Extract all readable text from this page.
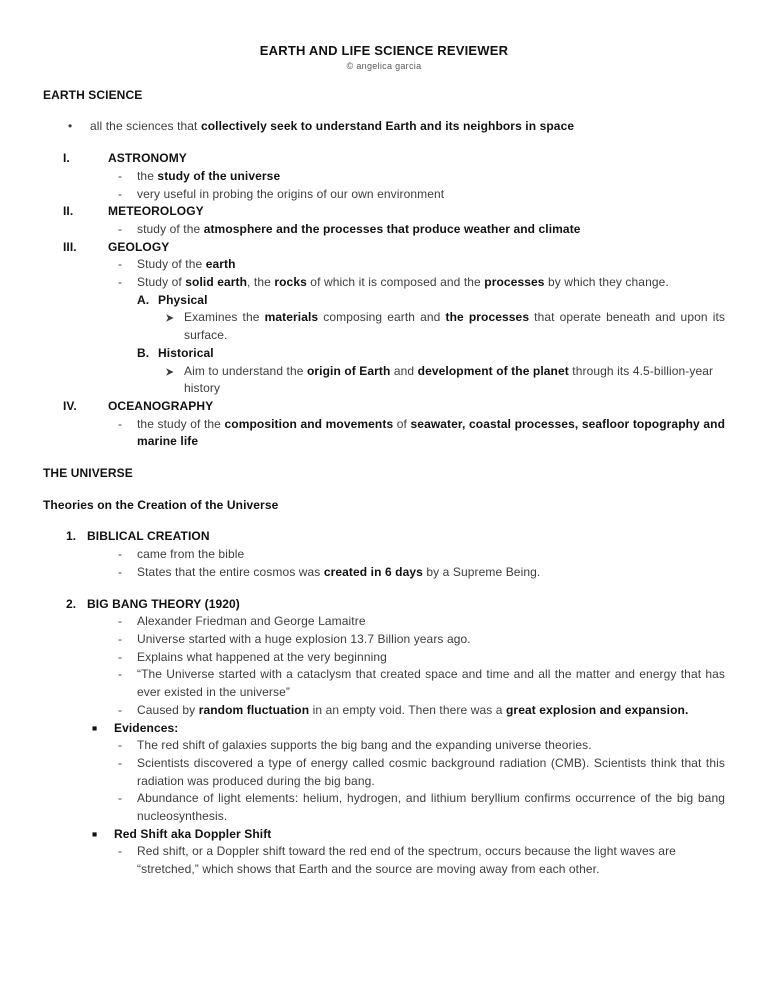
EARTH AND LIFE SCIENCE REVIEWER
© angelica garcia
EARTH SCIENCE
•	all the sciences that collectively seek to understand Earth and its neighbors in space
I.	ASTRONOMY
-	the study of the universe
-	very useful in probing the origins of our own environment
II.	METEOROLOGY
-	study of the atmosphere and the processes that produce weather and climate
III.	GEOLOGY
-	Study of the earth
-	Study of solid earth, the rocks of which it is composed and the processes by which they change.
A. Physical
Examines the materials composing earth and the processes that operate beneath and upon its surface.
B. Historical
Aim to understand the origin of Earth and development of the planet through its 4.5-billion-year history
IV.	OCEANOGRAPHY
-	the study of the composition and movements of seawater, coastal processes, seafloor topography and marine life
THE UNIVERSE
Theories on the Creation of the Universe
1. BIBLICAL CREATION
-	came from the bible
-	States that the entire cosmos was created in 6 days by a Supreme Being.
2. BIG BANG THEORY (1920)
-	Alexander Friedman and George Lamaitre
-	Universe started with a huge explosion 13.7 Billion years ago.
-	Explains what happened at the very beginning
-	“The Universe started with a cataclysm that created space and time and all the matter and energy that has ever existed in the universe”
-	Caused by random fluctuation in an empty void. Then there was a great explosion and expansion.
■	Evidences:
-	The red shift of galaxies supports the big bang and the expanding universe theories.
-	Scientists discovered a type of energy called cosmic background radiation (CMB). Scientists think that this radiation was produced during the big bang.
-	Abundance of light elements: helium, hydrogen, and lithium beryllium confirms occurrence of the big bang nucleosynthesis.
■	Red Shift aka Doppler Shift
-	Red shift, or a Doppler shift toward the red end of the spectrum, occurs because the light waves are “stretched,” which shows that Earth and the source are moving away from each other.
